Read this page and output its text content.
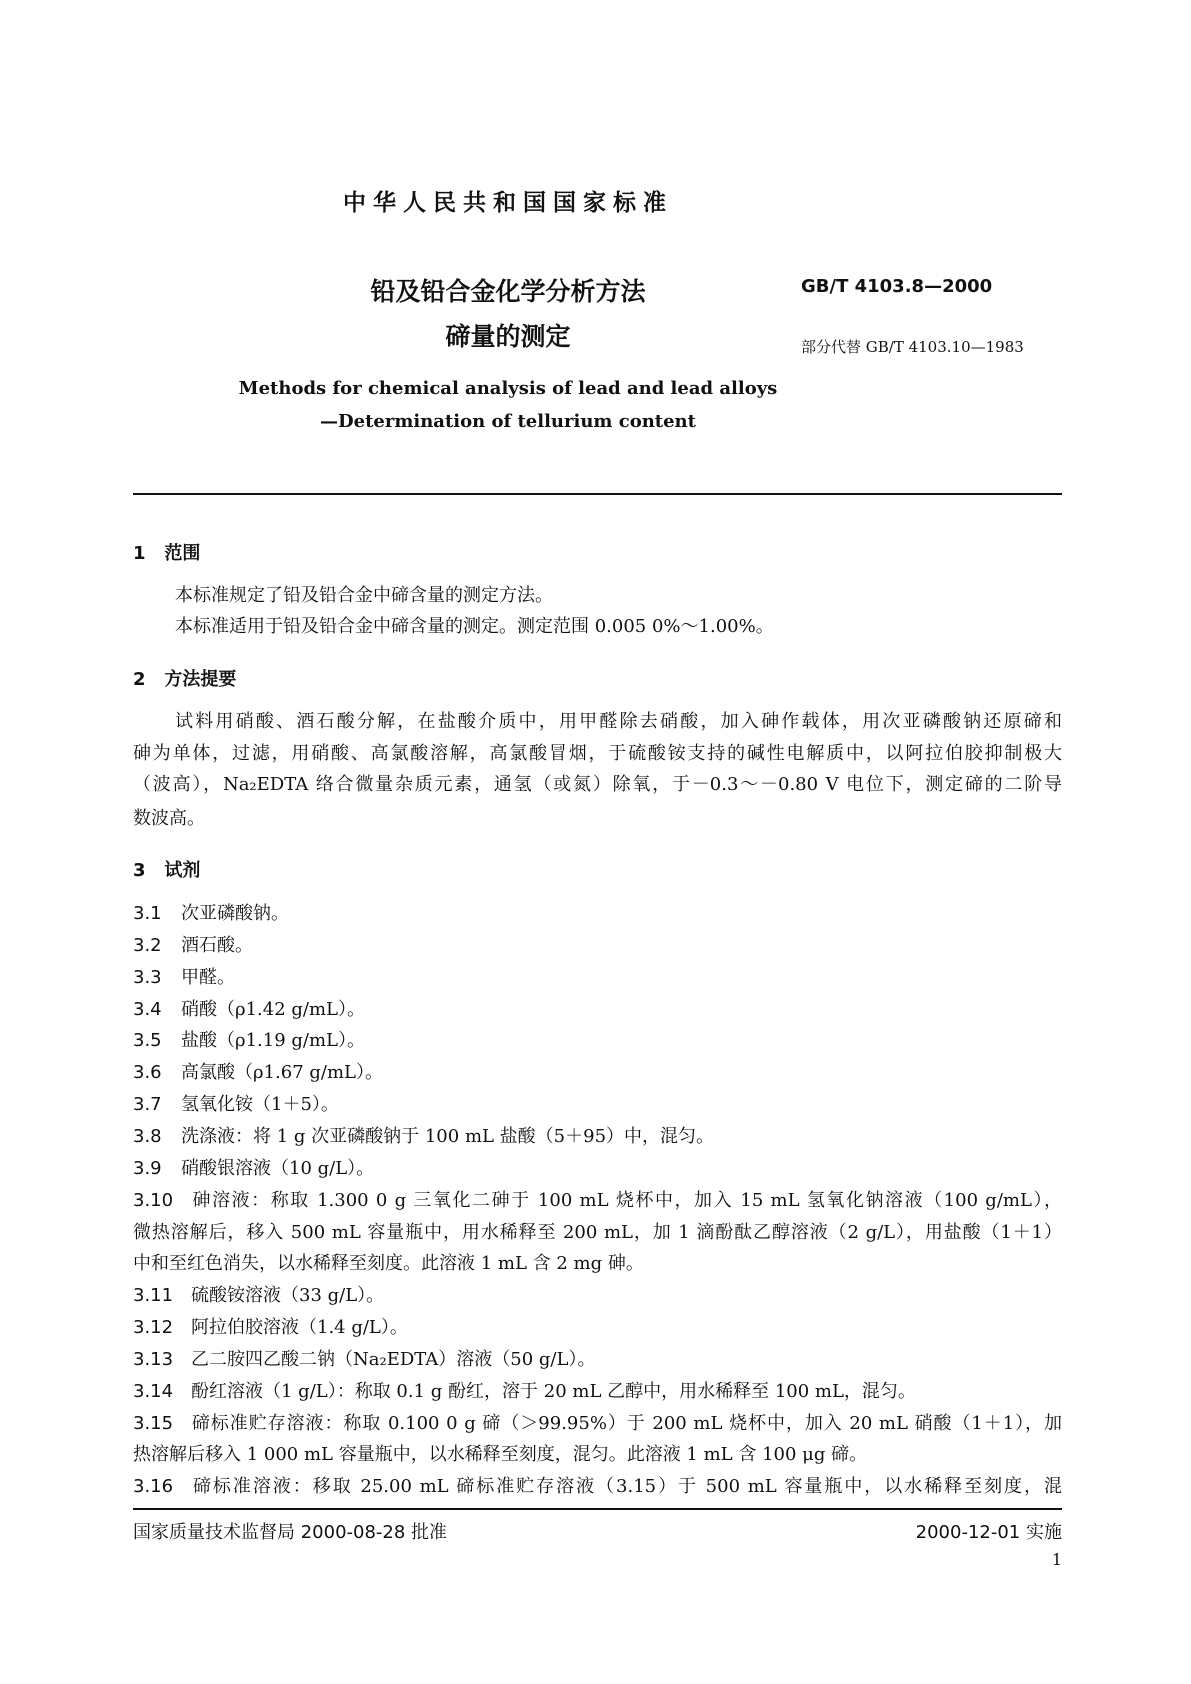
中华人民共和国国家标准
铅及铅合金化学分析方法
碲量的测定
GB/T 4103.8—2000
部分代替 GB/T 4103.10—1983
Methods for chemical analysis of lead and lead alloys
—Determination of tellurium content
1 范围
本标准规定了铅及铅合金中碲含量的测定方法。
本标准适用于铅及铅合金中碲含量的测定。测定范围 0.005 0%～1.00%。
2 方法提要
试料用硝酸、酒石酸分解，在盐酸介质中，用甲醛除去硝酸，加入砷作载体，用次亚磷酸钠还原碲和
砷为单体，过滤，用硝酸、高氯酸溶解，高氯酸冒烟，于硫酸铵支持的碱性电解质中，以阿拉伯胶抑制极大
（波高），Na₂EDTA 络合微量杂质元素，通氢（或氮）除氧，于－0.3～－0.80 V 电位下，测定碲的二阶导
数波高。
3 试剂
3.1 次亚磷酸钠。
3.2 酒石酸。
3.3 甲醛。
3.4 硝酸（ρ1.42 g/mL）。
3.5 盐酸（ρ1.19 g/mL）。
3.6 高氯酸（ρ1.67 g/mL）。
3.7 氢氧化铵（1＋5）。
3.8 洗涤液：将 1 g 次亚磷酸钠于 100 mL 盐酸（5＋95）中，混匀。
3.9 硝酸银溶液（10 g/L）。
3.10 砷溶液：称取 1.300 0 g 三氧化二砷于 100 mL 烧杯中，加入 15 mL 氢氧化钠溶液（100 g/mL），
微热溶解后，移入 500 mL 容量瓶中，用水稀释至 200 mL，加 1 滴酚酞乙醇溶液（2 g/L），用盐酸（1＋1）
中和至红色消失，以水稀释至刻度。此溶液 1 mL 含 2 mg 砷。
3.11 硫酸铵溶液（33 g/L）。
3.12 阿拉伯胶溶液（1.4 g/L）。
3.13 乙二胺四乙酸二钠（Na₂EDTA）溶液（50 g/L）。
3.14 酚红溶液（1 g/L）：称取 0.1 g 酚红，溶于 20 mL 乙醇中，用水稀释至 100 mL，混匀。
3.15 碲标准贮存溶液：称取 0.100 0 g 碲（＞99.95%）于 200 mL 烧杯中，加入 20 mL 硝酸（1＋1），加
热溶解后移入 1 000 mL 容量瓶中，以水稀释至刻度，混匀。此溶液 1 mL 含 100 μg 碲。
3.16 碲标准溶液：移取 25.00 mL 碲标准贮存溶液（3.15）于 500 mL 容量瓶中，以水稀释至刻度，混
国家质量技术监督局 2000-08-28 批准	2000-12-01 实施
1
